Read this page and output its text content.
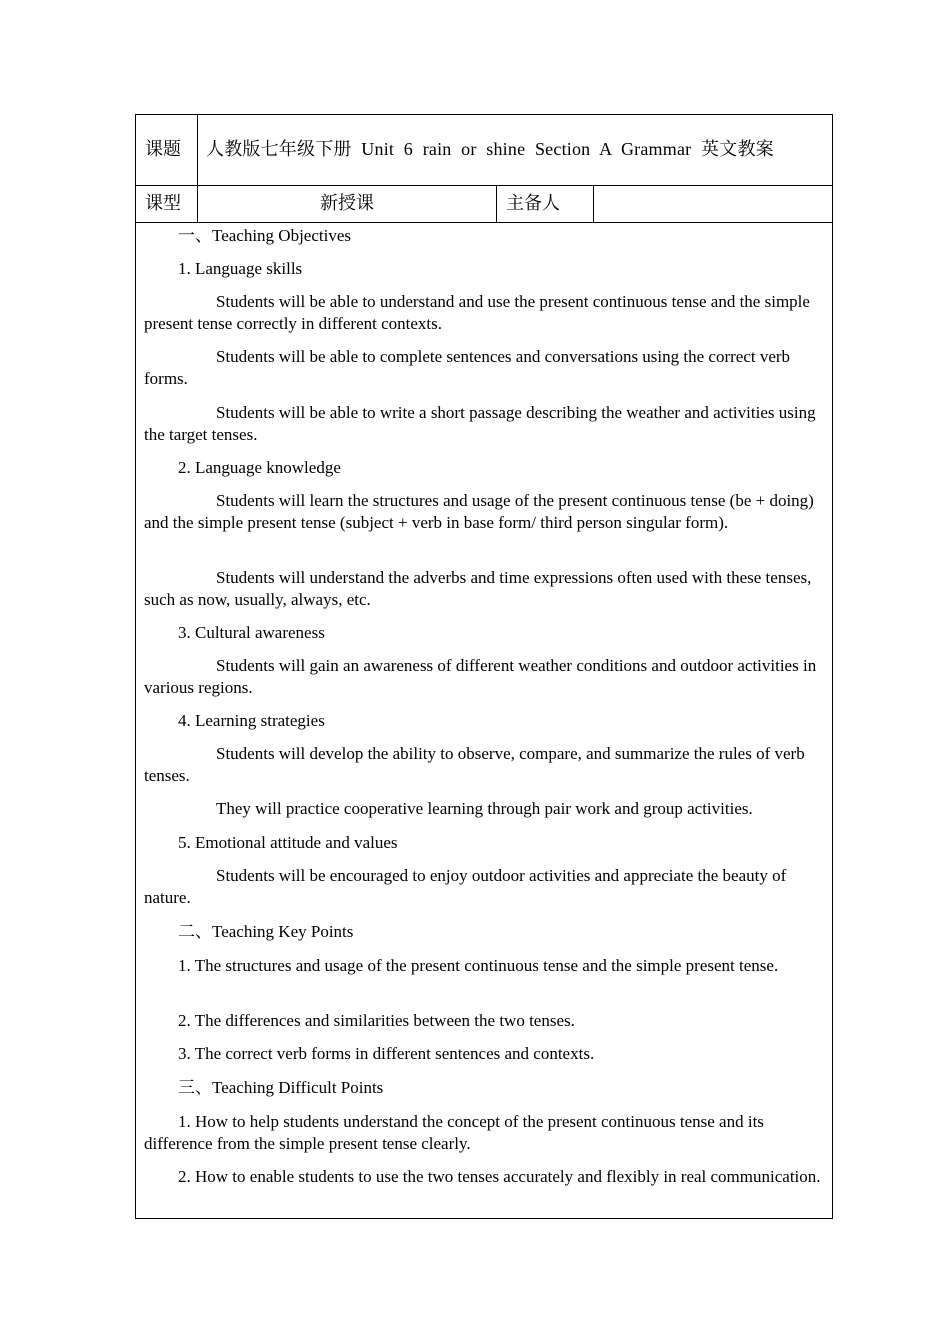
课题	人教版七年级下册 Unit 6 rain or shine Section A Grammar 英文教案
课型	新授课	主备人

一、Teaching Objectives

1. Language skills

Students will be able to understand and use the present continuous tense and the simple present tense correctly in different contexts.

Students will be able to complete sentences and conversations using the correct verb forms.

Students will be able to write a short passage describing the weather and activities using the target tenses.

2. Language knowledge

Students will learn the structures and usage of the present continuous tense (be + doing) and the simple present tense (subject + verb in base form/ third person singular form).

Students will understand the adverbs and time expressions often used with these tenses, such as now, usually, always, etc.

3. Cultural awareness

Students will gain an awareness of different weather conditions and outdoor activities in various regions.

4. Learning strategies

Students will develop the ability to observe, compare, and summarize the rules of verb tenses.

They will practice cooperative learning through pair work and group activities.

5. Emotional attitude and values

Students will be encouraged to enjoy outdoor activities and appreciate the beauty of nature.

二、Teaching Key Points

1. The structures and usage of the present continuous tense and the simple present tense.

2. The differences and similarities between the two tenses.

3. The correct verb forms in different sentences and contexts.

三、Teaching Difficult Points

1. How to help students understand the concept of the present continuous tense and its difference from the simple present tense clearly.

2. How to enable students to use the two tenses accurately and flexibly in real communication.
